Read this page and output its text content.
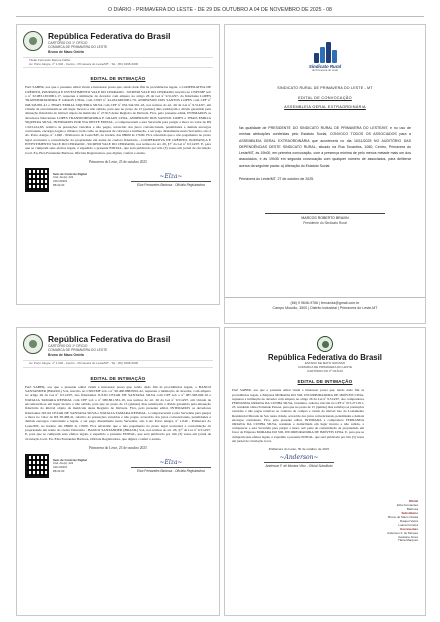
O DIÁRIO - PRIMAVERA DO LESTE - DE 29 DE OUTUBRO A 04 DE NOVEMBRO DE 2025 - 08
República Federativa do Brasil
CARTÓRIO DO 1º OFÍCIO
COMARCA DE PRIMAVERA DO LESTE
Bruno de Maco Oniela
Titular Fernando Ramos Fialho
Av. Porto Alegre, nº 1.040 - Centro - Primavera do Leste/MT - Tel.: (66) 3498-3000
EDITAL DE INTIMAÇÃO
FAZ SABER, aos que o presente edital virem e interessar possa que, tendo dado fim às providências legais, a COOPERATIVA DE CRÉDITO, POUPANÇA E INVESTIMENTO VALE DO CERRADO - SICREDI VALE DO CERRADO, inscrita no CNPJ/MF sob o nº 32.983.165/0001-17, requereu a intimação do devedor com amparo no artigo 26 da Lei nº 9.514/97, da fiduciante LOPES TRANSPORTADORA E GRAOS LTDA, com CNPJ nº 44.184.648/0001-79, ANDERSON DOS SANTOS LOPES com CPF nº 048.343.881-41 e THAIS EMILIA SIQUEIRA SILVA com CPF nº 052.344.591-43, nos termos do art. 26 da Lei nº 9.514/97, em virtude de encontrarem-se em lugar incerto e não sabido, para que no prazo de 15 (quinze) dias satisfaçam a dívida garantida pela alienação fiduciária do imóvel objeto da matrícula nº 27.915 deste Registro de Imóveis. Fica, pelo presente edital, INTIMADOS os devedores fiduciantes LOPES TRANSPORTADORA E GRAOS LTDA, ANDERSON DOS SANTOS LOPES e THAIS EMILIA SIQUEIRA SILVA, INTIMADOS POR VIA DESTE EDITAL, a comparecerem a esta Serventia para purgar a mora no valor de R$ 1.023.414,63, relativo às prestações vencidas e não pagas, acrescido dos juros convencionais, penalidades e demais encargos contratuais, encargos legais e tributos, bem como as despesas de cobrança e intimação, a ser pago diretamente nesta Serventia, sito à Av. Porto Alegre, nº 1.040 - Primavera do Leste/MT, no horário das 08h00 às 17h00. Fica advertido que o não pagamento no prazo legal acarretará a consolidação da propriedade em nome da credora fiduciária - COOPERATIVA DE CRÉDITO, POUPANÇA E INVESTIMENTO VALE DO CERRADO - SICREDI VALE DO CERRADO, nos termos do art. 26, §7º da Lei nº 9.514/97. E, para que se cumpram seus efeitos legais, é expedido o presente EDITAL, que será publicado por três (3) vezes em jornal de circulação local. Eu, Elza Fernandes Barbosa, Oficiala Registradora, que digitei, conferi e assino.
Primavera do Leste, 23 de outubro 2025
Selo de Controle Digital
Cód. Ato(s): 222
CRJ-04932
R$ 62,00
~Elza~
Elza Fernandes Barbosa - Oficiala Registradora
Sindicato Rural
de Primavera do Leste
SINDICATO RURAL DE PRIMAVERA DO LESTE - MT
EDITAL DE CONVOCAÇÃO
ASSEMBLEIA GERAL EXTRAORDINÁRIA
Na qualidade de PRESIDENTE DO SINDICATO RURAL DE PRIMAVERA DO LESTE/MT, e no uso de minhas atribuições conferidas pelo Estatuto Social, CONVOCO TODOS OS ASSOCIADOS para a ASSEMBLEIA GERAL EXTRAORDINÁRIA que acontecerá no dia 10/11/2025 NO AUDITÓRIO DAS DEPENDÊNCIAS DESTE SINDICATO RURAL, situado na Rua Tocantins, 1080, Centro, Primavera do Leste/MT, às 19h00, em primeira convocação, com a presença mínima de pelo menos metade mais um dos associados, e às 19h30 em segunda convocação com qualquer número de associados, para deliberar acerca da seguinte pauta: a) Alteração do Estatuto Social.
Primavera do Leste/MT, 27 de outubro de 2025.
MARCOS ROBERTO BRAVIN
Presidente do Sindicato Rural
(66) 9 9646-9766 | fernanda@gmail.com.br
Campo Mourão, 3500 | Distrito Industrial | Primavera do Leste-MT
República Federativa do Brasil
CARTÓRIO DO 1º OFÍCIO
COMARCA DE PRIMAVERA DO LESTE
Bruno de Maco Oniela
Av. Porto Alegre, nº 1.040 - Centro - Primavera do Leste/MT - Tel.: (66) 3498-3000
EDITAL DE INTIMAÇÃO
FAZ SABER, aos que o presente edital virem e interessar possa que, tendo dado fim às providências legais, o BANCO SANTANDER (BRASIL) S/A, inscrito no CNPJ/MF sob o nº 90.400.888/0001-42, requereu a intimação do devedor, com amparo no artigo 26 da Lei nº 9.514/97, dos fiduciantes JULIO CEZAR DE SANTANA SILVA com CPF sob o nº 087.328.049-16 e NATALIA TAMARA REISDAL com CPF sob o nº 080.861.581-18, nos termos do art. 26 da Lei nº 9.514/97, em virtude de encontrarem-se em lugar incerto e não sabido, para que no prazo de 15 (quinze) dias satisfaçam a dívida garantida pela alienação fiduciária do imóvel objeto da matrícula deste Registro de Imóveis. Fica, pelo presente edital, INTIMADOS os devedores fiduciantes JULIO CEZAR DE SANTANA SILVA e NATALIA TAMARA REISDAL, a comparecerem a esta Serventia para purgar a mora no valor de R$ 38.468,41, relativo às prestações vencidas e não pagas, acrescido dos juros convencionais, penalidades e demais encargos contratuais e legais, a ser pago diretamente nesta Serventia, sito à Av. Porto Alegre, nº 1.040 - Primavera do Leste/MT, no horário das 08h00 às 17h00. Fica advertido que o não pagamento no prazo legal acarretará a consolidação da propriedade em nome do credor fiduciário - BANCO SANTANDER (BRASIL) S/A, nos termos do art. 26, §7º da Lei nº 9.514/97. E, para que se cumpram seus efeitos legais, é expedido o presente EDITAL, que será publicado por três (3) vezes em jornal de circulação local. Eu, Elza Fernandes Barbosa, Oficiala Registradora, que digitei, conferi e assino.
Primavera do Leste, 23 de outubro 2025
Selo de Controle Digital
Cód. Ato(s): 222
CRJ-04931
R$ 62,00
~Elza~
Elza Fernandes Barbosa - Oficiala Registradora
República Federativa do Brasil
ESTADO DE MATO GROSSO
COMARCA DE PRIMAVERA DO LESTE
CARTÓRIO DO 2º OFÍCIO
EDITAL DE INTIMAÇÃO
FAZ SABER, aos que o presente edital virem e interessar possa que, tendo dado fim às providências legais, a Empresa MORADA DO SOL INCORPORADORA DE IMÓVEIS LTDA, requereu a intimação do devedor com amparo no artigo 26 da Lei nº 9.514/97, dos compradores FERNANDA ORIANA DA CUNHA SILVA, brasileira, solteira, inscrita no CPF nº 015.271.811-23, residente à Rua Fernando Pessoa, para que no prazo de 15 (quinze) dias satisfaça as prestações vencidas e não pagas relativas ao contrato de compra e venda do imóvel lote do Loteamento Residencial Morada do Sol, nesta cidade, acrescido dos juros convencionais, penalidades e demais encargos contratuais. Fica, pelo presente edital, INTIMADA a compradora FERNANDA ORIANA DA CUNHA SILVA, residente e domiciliada em lugar incerto e não sabido, a comparecer a esta Serventia para purgar a mora, sob pena de consolidação da propriedade em favor da Empresa MORADA DO SOL INCORPORADORA DE IMÓVEIS LTDA. E, para que se cumpram seus efeitos legais, é expedido o presente EDITAL, que será publicado por três (3) vezes em jornal de circulação local.
Primavera do Leste, 30 de outubro de 2025
~Anderson~
Anderson F. de Moraes Vitor - Oficial Substituto
Oficial
Elza Fernandes
Barbosa
Substitutos
Bruno de Maco Oniela
Raquel Vieira
Luana Ferreira
Escreventes
Anderson F. de Moraes
Geisiane Alves
Tânia Marques
